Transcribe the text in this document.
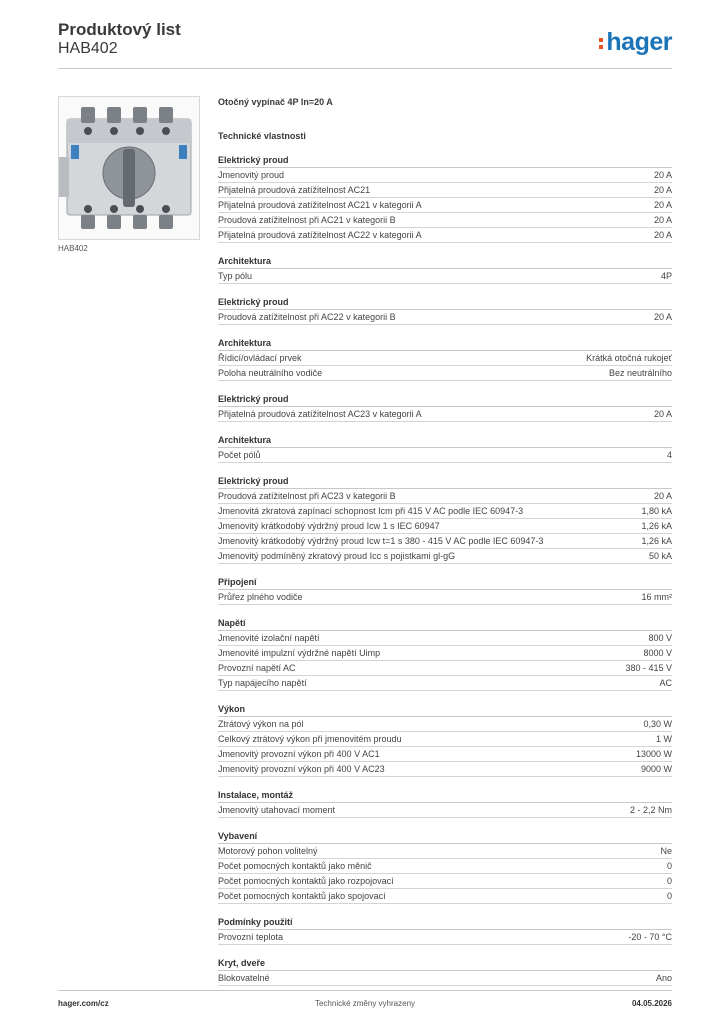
Produktový list
HAB402	hager
HAB402
Otočný vypínač 4P In=20 A
Technické vlastnosti
Elektrický proud
Jmenovitý proud	20 A
Přijatelná proudová zatížitelnost AC21	20 A
Přijatelná proudová zatížitelnost AC21 v kategorii A	20 A
Proudová zatížitelnost při AC21 v kategorii B	20 A
Přijatelná proudová zatížitelnost AC22 v kategorii A	20 A
Architektura
Typ pólu	4P
Elektrický proud
Proudová zatížitelnost při AC22 v kategorii B	20 A
Architektura
Řídicí/ovládací prvek	Krátká otočná rukojeť
Poloha neutrálního vodiče	Bez neutrálního
Elektrický proud
Přijatelná proudová zatížitelnost AC23 v kategorii A	20 A
Architektura
Počet pólů	4
Elektrický proud
Proudová zatížitelnost při AC23 v kategorii B	20 A
Jmenovitá zkratová zapínací schopnost Icm při 415 V AC podle IEC 60947-3	1,80 kA
Jmenovitý krátkodobý výdržný proud Icw 1 s IEC 60947	1,26 kA
Jmenovitý krátkodobý výdržný proud Icw t=1 s 380 - 415 V AC podle IEC 60947-3	1,26 kA
Jmenovitý podmíněný zkratový proud Icc s pojistkami gl-gG	50 kA
Připojení
Průřez plného vodiče	16 mm²
Napětí
Jmenovité izolační napětí	800 V
Jmenovité impulzní výdržné napětí Uimp	8000 V
Provozní napětí AC	380 - 415 V
Typ napájecího napětí	AC
Výkon
Ztrátový výkon na pól	0,30 W
Celkový ztrátový výkon při jmenovitém proudu	1 W
Jmenovitý provozní výkon při 400 V AC1	13000 W
Jmenovitý provozní výkon při 400 V AC23	9000 W
Instalace, montáž
Jmenovitý utahovací moment	2 - 2,2 Nm
Vybavení
Motorový pohon volitelný	Ne
Počet pomocných kontaktů jako měnič	0
Počet pomocných kontaktů jako rozpojovací	0
Počet pomocných kontaktů jako spojovací	0
Podmínky použití
Provozní teplota	-20 - 70 °C
Kryt, dveře
Blokovatelné	Ano
hager.com/cz	Technické změny vyhrazeny	04.05.2026
